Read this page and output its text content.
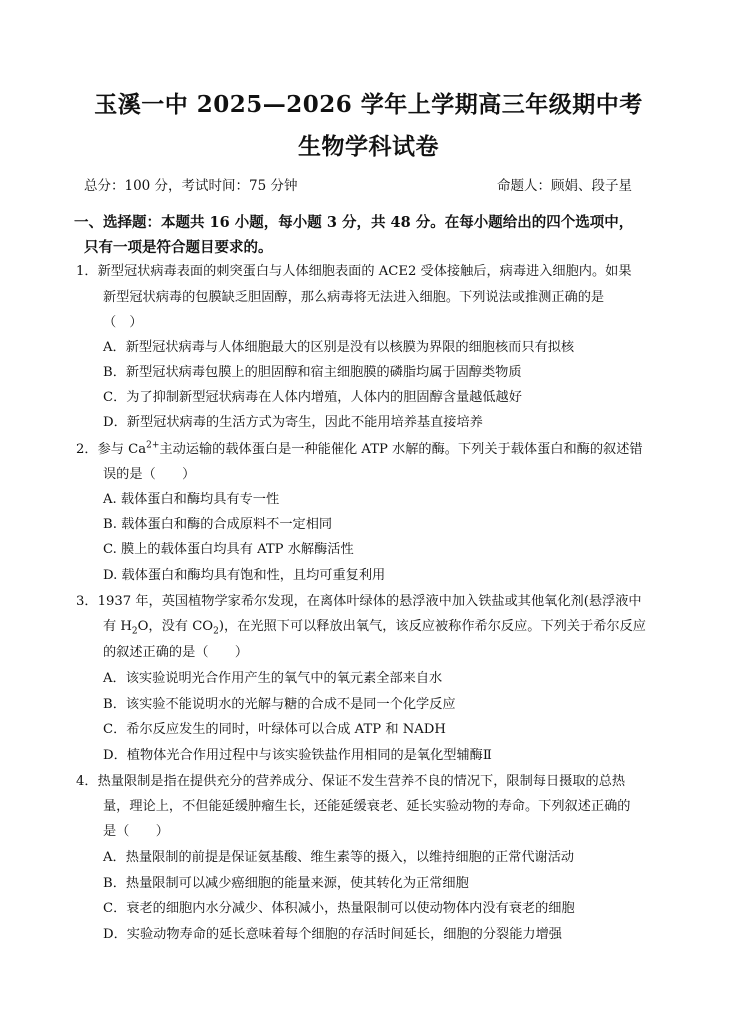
玉溪一中 2025—2026 学年上学期高三年级期中考
生物学科试卷
总分：100 分，考试时间：75 分钟	命题人：顾娟、段子星
一、选择题：本题共 16 小题，每小题 3 分，共 48 分。在每小题给出的四个选项中，
只有一项是符合题目要求的。
1．新型冠状病毒表面的刺突蛋白与人体细胞表面的 ACE2 受体接触后，病毒进入细胞内。如果
新型冠状病毒的包膜缺乏胆固醇，那么病毒将无法进入细胞。下列说法或推测正确的是
（　）
A．新型冠状病毒与人体细胞最大的区别是没有以核膜为界限的细胞核而只有拟核
B．新型冠状病毒包膜上的胆固醇和宿主细胞膜的磷脂均属于固醇类物质
C．为了抑制新型冠状病毒在人体内增殖，人体内的胆固醇含量越低越好
D．新型冠状病毒的生活方式为寄生，因此不能用培养基直接培养
2．参与 $Ca^{2+}$主动运输的载体蛋白是一种能催化 ATP 水解的酶。下列关于载体蛋白和酶的叙述错
误的是（　　）
A. 载体蛋白和酶均具有专一性
B. 载体蛋白和酶的合成原料不一定相同
C. 膜上的载体蛋白均具有 ATP 水解酶活性
D. 载体蛋白和酶均具有饱和性，且均可重复利用
3．1937 年，英国植物学家希尔发现，在离体叶绿体的悬浮液中加入铁盐或其他氧化剂(悬浮液中
有 $H_2O$，没有 $CO_2$)，在光照下可以释放出氧气，该反应被称作希尔反应。下列关于希尔反应
的叙述正确的是（　　）
A．该实验说明光合作用产生的氧气中的氧元素全部来自水
B．该实验不能说明水的光解与糖的合成不是同一个化学反应
C．希尔反应发生的同时，叶绿体可以合成 ATP 和 NADH
D．植物体光合作用过程中与该实验铁盐作用相同的是氧化型辅酶Ⅱ
4．热量限制是指在提供充分的营养成分、保证不发生营养不良的情况下，限制每日摄取的总热
量，理论上，不但能延缓肿瘤生长，还能延缓衰老、延长实验动物的寿命。下列叙述正确的
是（　　）
A．热量限制的前提是保证氨基酸、维生素等的摄入，以维持细胞的正常代谢活动
B．热量限制可以减少癌细胞的能量来源，使其转化为正常细胞
C．衰老的细胞内水分减少、体积减小，热量限制可以使动物体内没有衰老的细胞
D．实验动物寿命的延长意味着每个细胞的存活时间延长，细胞的分裂能力增强
